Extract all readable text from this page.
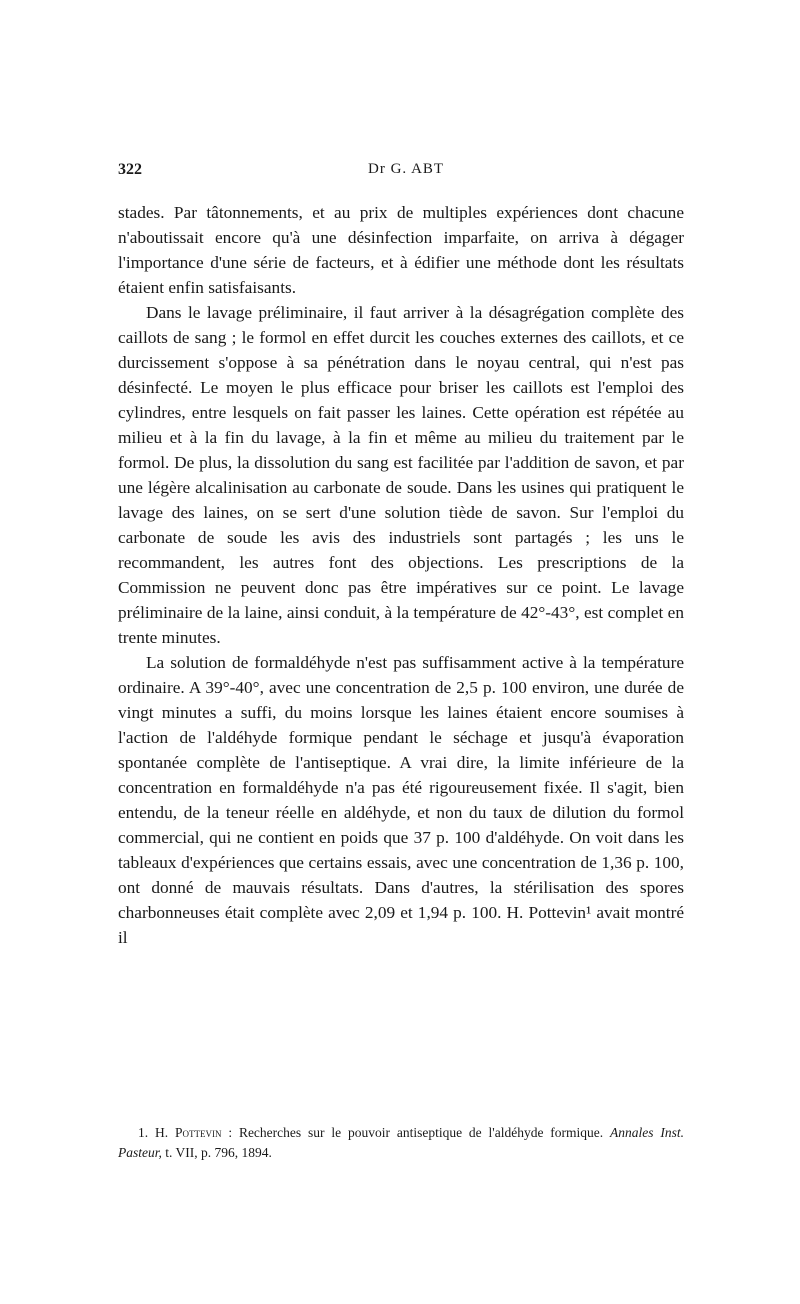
322	Dr G. ABT

stades. Par tâtonnements, et au prix de multiples expériences dont chacune n'aboutissait encore qu'à une désinfection imparfaite, on arriva à dégager l'importance d'une série de facteurs, et à édifier une méthode dont les résultats étaient enfin satisfaisants.

Dans le lavage préliminaire, il faut arriver à la désagrégation complète des caillots de sang ; le formol en effet durcit les couches externes des caillots, et ce durcissement s'oppose à sa pénétration dans le noyau central, qui n'est pas désinfecté. Le moyen le plus efficace pour briser les caillots est l'emploi des cylindres, entre lesquels on fait passer les laines. Cette opération est répétée au milieu et à la fin du lavage, à la fin et même au milieu du traitement par le formol. De plus, la dissolution du sang est facilitée par l'addition de savon, et par une légère alcalinisation au carbonate de soude. Dans les usines qui pratiquent le lavage des laines, on se sert d'une solution tiède de savon. Sur l'emploi du carbonate de soude les avis des industriels sont partagés ; les uns le recommandent, les autres font des objections. Les prescriptions de la Commission ne peuvent donc pas être impératives sur ce point. Le lavage préliminaire de la laine, ainsi conduit, à la température de 42°-43°, est complet en trente minutes.

La solution de formaldéhyde n'est pas suffisamment active à la température ordinaire. A 39°-40°, avec une concentration de 2,5 p. 100 environ, une durée de vingt minutes a suffi, du moins lorsque les laines étaient encore soumises à l'action de l'aldéhyde formique pendant le séchage et jusqu'à évaporation spontanée complète de l'antiseptique. A vrai dire, la limite inférieure de la concentration en formaldéhyde n'a pas été rigoureusement fixée. Il s'agit, bien entendu, de la teneur réelle en aldéhyde, et non du taux de dilution du formol commercial, qui ne contient en poids que 37 p. 100 d'aldéhyde. On voit dans les tableaux d'expériences que certains essais, avec une concentration de 1,36 p. 100, ont donné de mauvais résultats. Dans d'autres, la stérilisation des spores charbonneuses était complète avec 2,09 et 1,94 p. 100. H. Pottevin¹ avait montré il

1. H. Pottevin : Recherches sur le pouvoir antiseptique de l'aldéhyde formique. Annales Inst. Pasteur, t. VII, p. 796, 1894.
